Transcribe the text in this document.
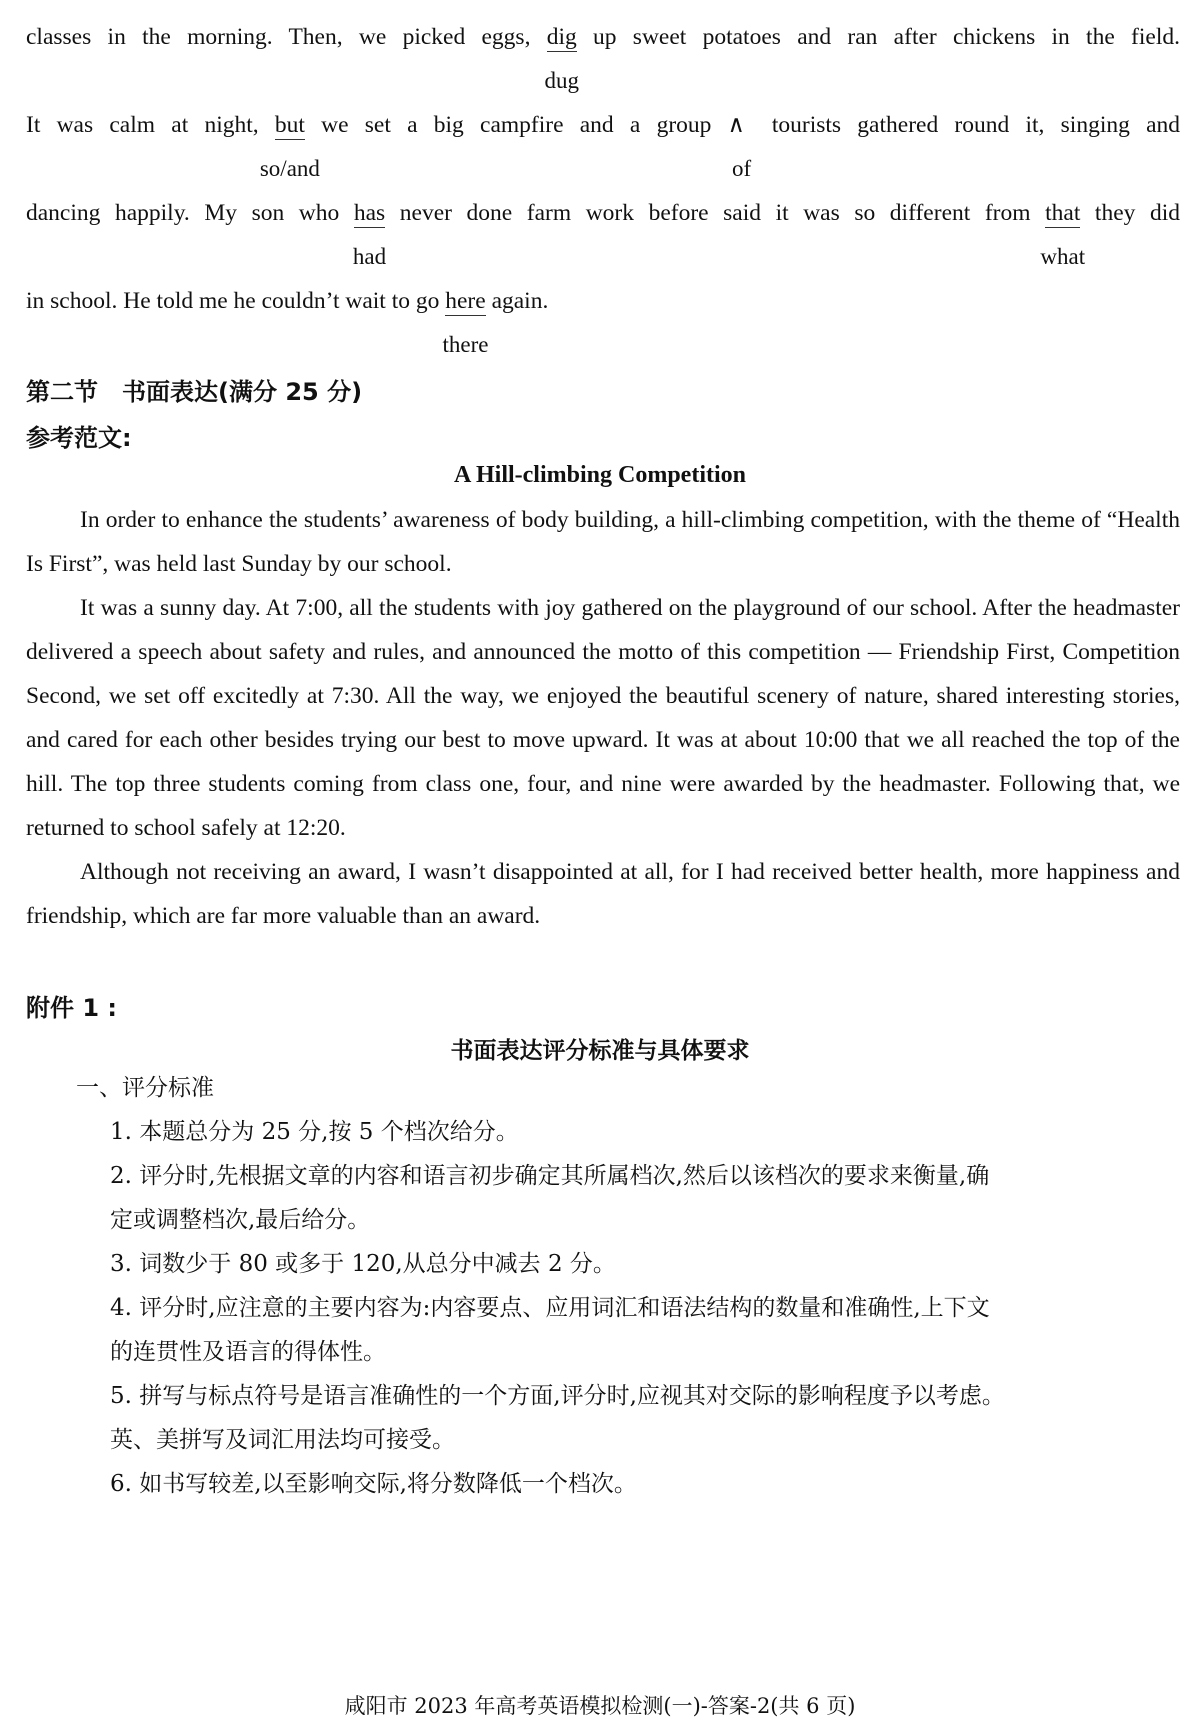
classes in the morning. Then, we picked eggs, dig
dug
up sweet potatoes and ran after chickens in the field.
It was calm at night, but
so/and
we set a big campfire and a group ∧
of
tourists gathered round it, singing and
dancing happily. My son who has
had
never done farm work before said it was so different from that
what
they did
in school. He told me he couldn’t wait to go here
there
again.
第二节　书面表达(满分 25 分)
参考范文:
A Hill-climbing Competition

In order to enhance the students’ awareness of body building, a hill-climbing competition, with the theme of “Health Is First”, was held last Sunday by our school.

It was a sunny day. At 7:00, all the students with joy gathered on the playground of our school. After the headmaster delivered a speech about safety and rules, and announced the motto of this competition — Friendship First, Competition Second, we set off excitedly at 7:30. All the way, we enjoyed the beautiful scenery of nature, shared interesting stories, and cared for each other besides trying our best to move upward. It was at about 10:00 that we all reached the top of the hill. The top three students coming from class one, four, and nine were awarded by the headmaster. Following that, we returned to school safely at 12:20.

Although not receiving an award, I wasn’t disappointed at all, for I had received better health, more happiness and friendship, which are far more valuable than an award.

附件 1 :
书面表达评分标准与具体要求

一、评分标准

1. 本题总分为 25 分,按 5 个档次给分。

2. 评分时,先根据文章的内容和语言初步确定其所属档次,然后以该档次的要求来衡量,确

定或调整档次,最后给分。

3. 词数少于 80 或多于 120,从总分中减去 2 分。

4. 评分时,应注意的主要内容为:内容要点、应用词汇和语法结构的数量和准确性,上下文

的连贯性及语言的得体性。

5. 拼写与标点符号是语言准确性的一个方面,评分时,应视其对交际的影响程度予以考虑。

英、美拼写及词汇用法均可接受。

6. 如书写较差,以至影响交际,将分数降低一个档次。

咸阳市 2023 年高考英语模拟检测(一)-答案-2(共 6 页)
